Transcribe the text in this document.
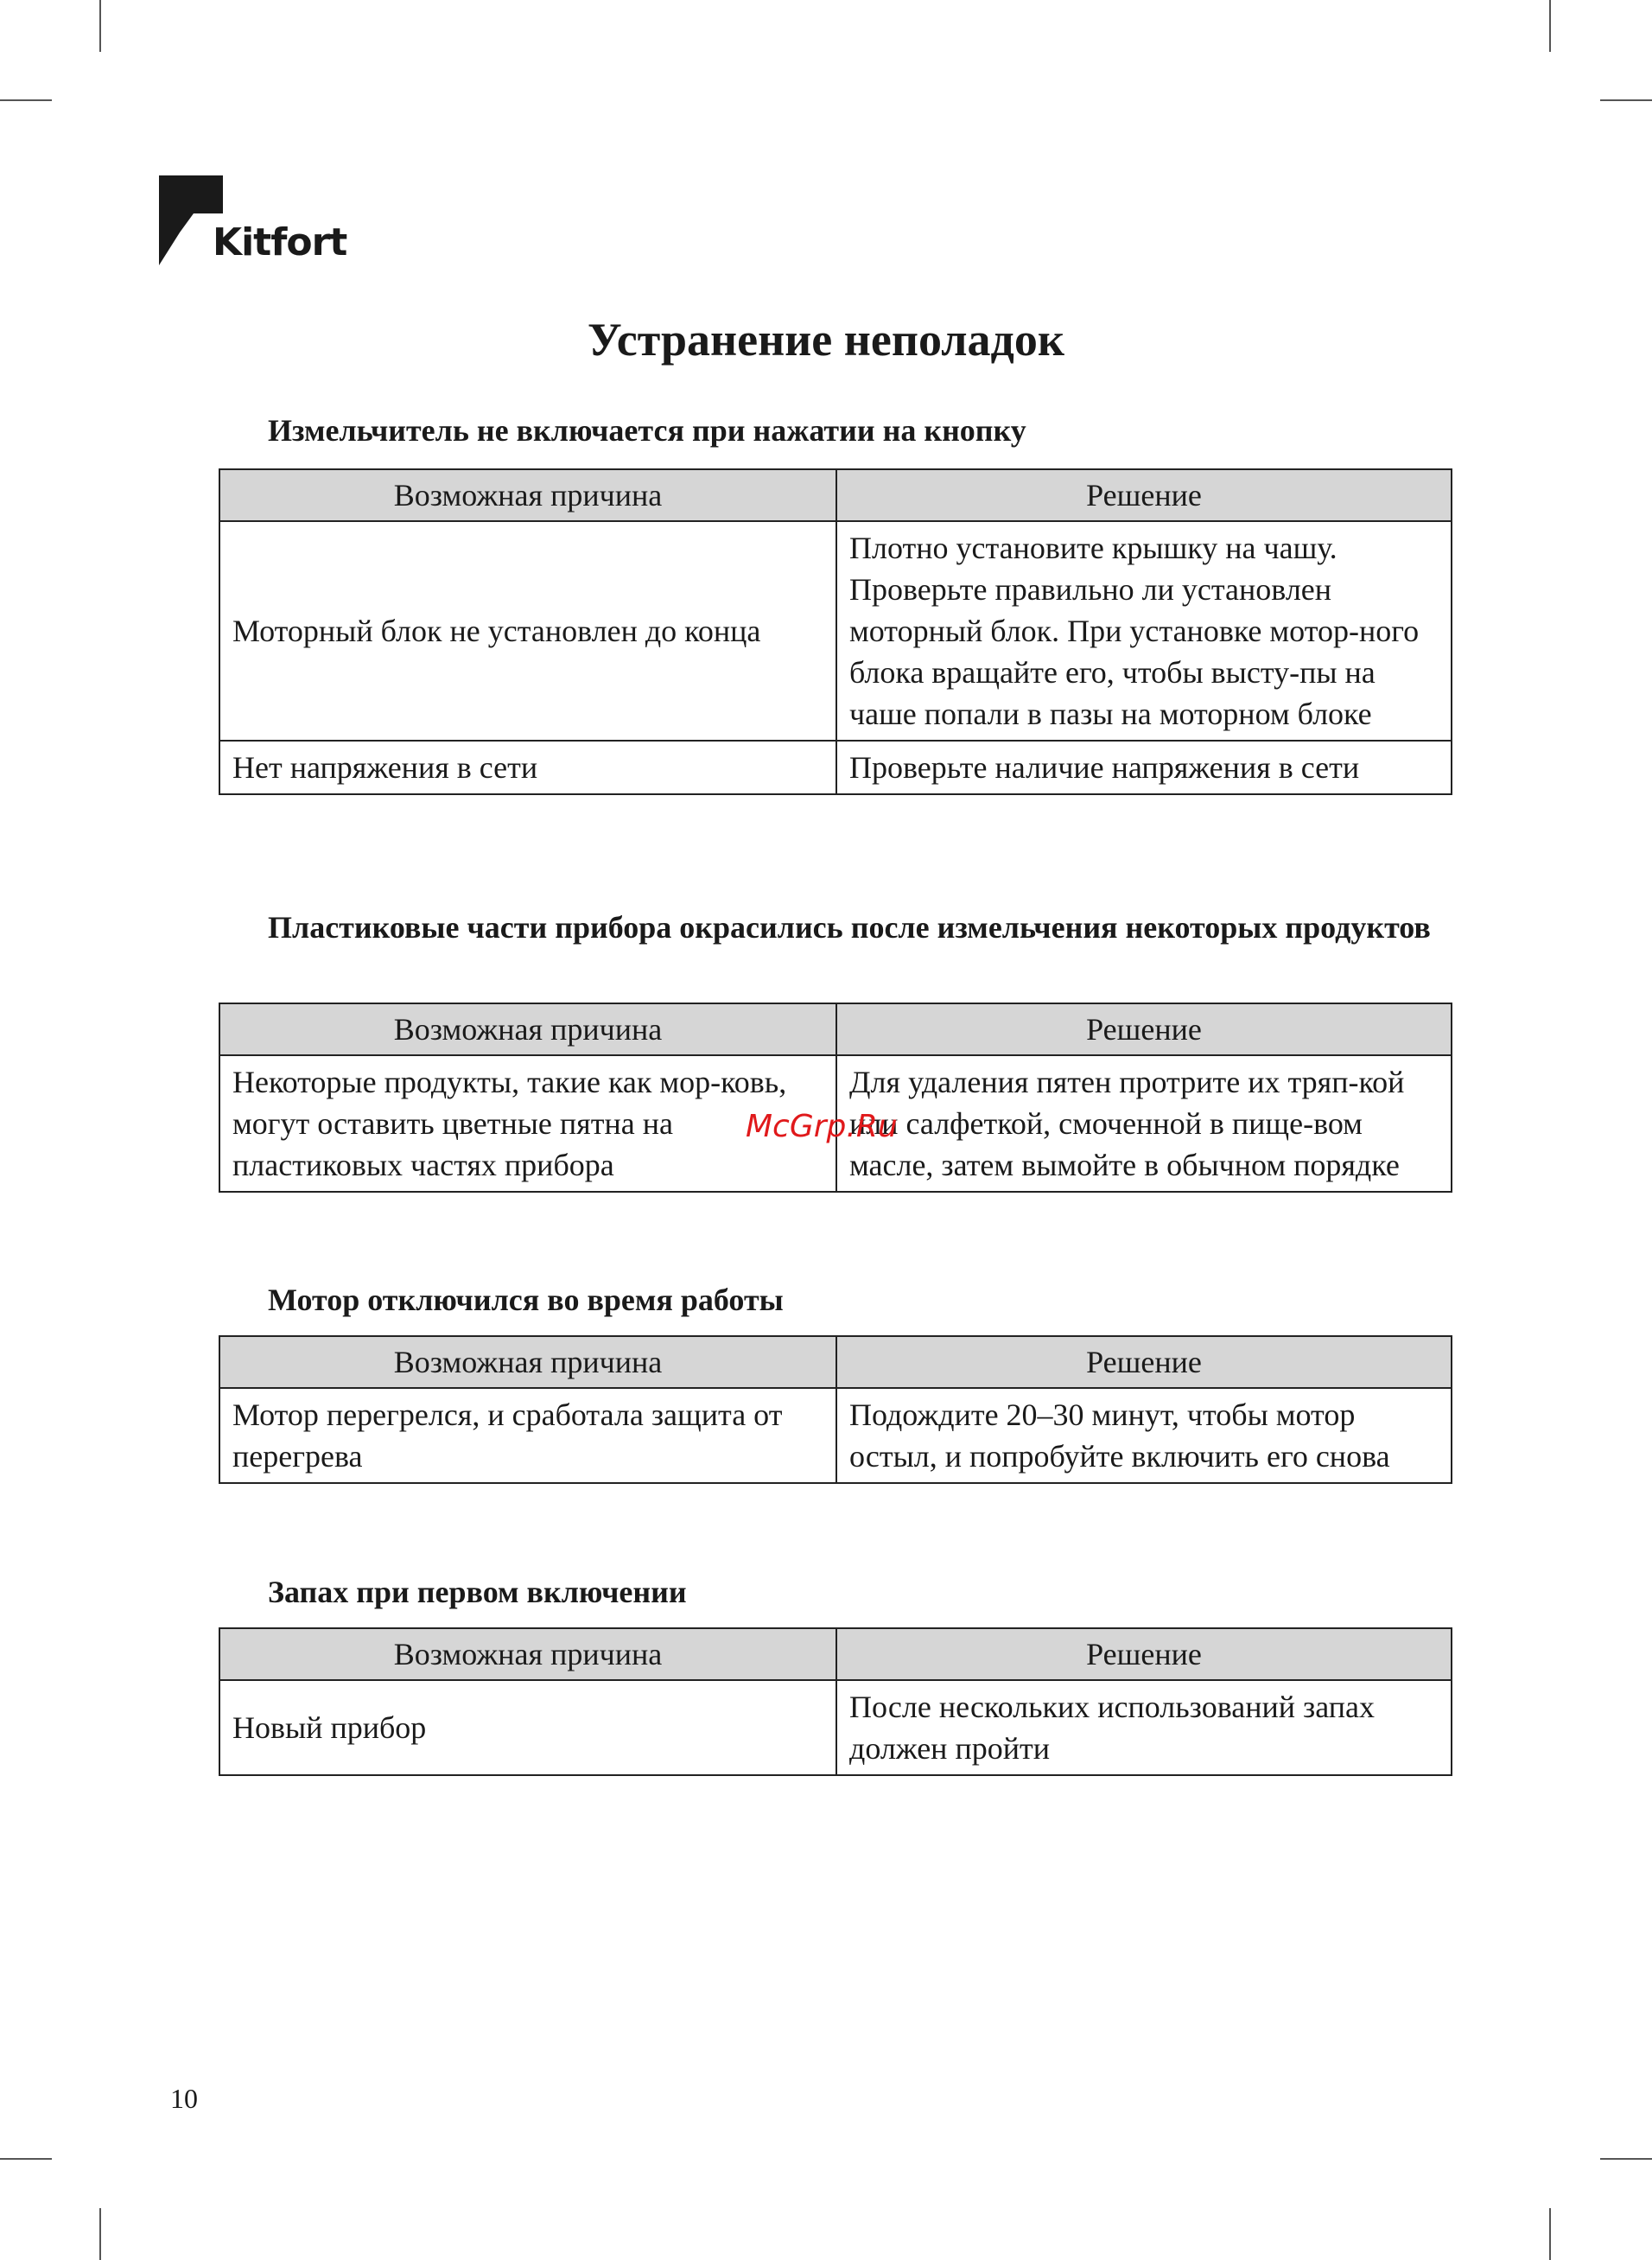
Kitfort
Устранение неполадок
Измельчитель не включается при нажатии на кнопку
Возможная причина	Решение
Моторный блок не установлен до конца	Плотно установите крышку на чашу. Проверьте правильно ли установлен моторный блок. При установке мотор-ного блока вращайте его, чтобы высту-пы на чаше попали в пазы на моторном блоке
Нет напряжения в сети	Проверьте наличие напряжения в сети
Пластиковые части прибора окрасились после измельчения некоторых продуктов
Возможная причина	Решение
Некоторые продукты, такие как мор-ковь, могут оставить цветные пятна на пластиковых частях прибора	Для удаления пятен протрите их тряп-кой или салфеткой, смоченной в пище-вом масле, затем вымойте в обычном порядке
Мотор отключился во время работы
Возможная причина	Решение
Мотор перегрелся, и сработала защита от перегрева	Подождите 20–30 минут, чтобы мотор остыл, и попробуйте включить его снова
Запах при первом включении
Возможная причина	Решение
Новый прибор	После нескольких использований запах должен пройти
McGrp.Ru
10
